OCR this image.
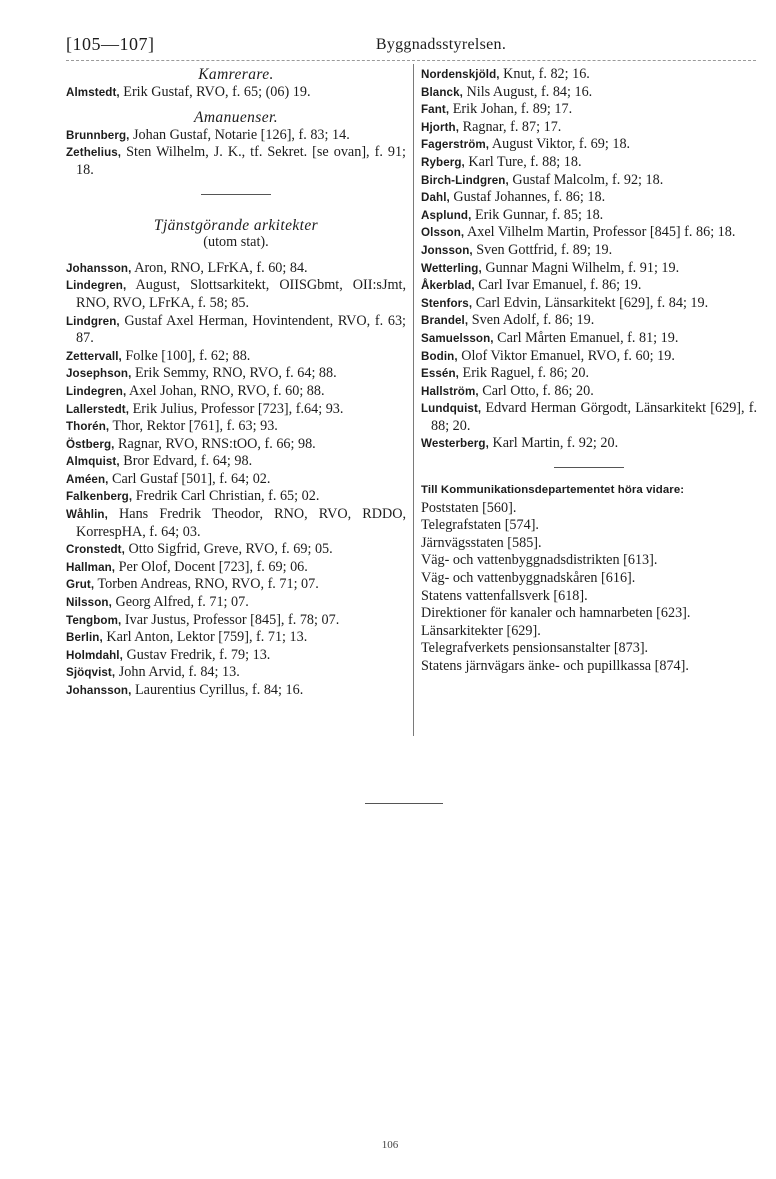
[105—107]	Byggnadsstyrelsen.
Kamrerare.
Almstedt, Erik Gustaf, RVO, f. 65; (06) 19.
Amanuenser.
Brunnberg, Johan Gustaf, Notarie [126], f. 83; 14.
Zethelius, Sten Wilhelm, J. K., tf. Sekret. [se ovan], f. 91; 18.
Tjänstgörande arkitekter
(utom stat).
Johansson, Aron, RNO, LFrKA, f. 60; 84.
Lindegren, August, Slottsarkitekt, OIISGbmt, OII:sJmt, RNO, RVO, LFrKA, f. 58; 85.
Lindgren, Gustaf Axel Herman, Hovintendent, RVO, f. 63; 87.
Zettervall, Folke [100], f. 62; 88.
Josephson, Erik Semmy, RNO, RVO, f. 64; 88.
Lindegren, Axel Johan, RNO, RVO, f. 60; 88.
Lallerstedt, Erik Julius, Professor [723], f.64; 93.
Thorén, Thor, Rektor [761], f. 63; 93.
Östberg, Ragnar, RVO, RNS:tOO, f. 66; 98.
Almquist, Bror Edvard, f. 64; 98.
Améen, Carl Gustaf [501], f. 64; 02.
Falkenberg, Fredrik Carl Christian, f. 65; 02.
Wåhlin, Hans Fredrik Theodor, RNO, RVO, RDDO, KorrespHA, f. 64; 03.
Cronstedt, Otto Sigfrid, Greve, RVO, f. 69; 05.
Hallman, Per Olof, Docent [723], f. 69; 06.
Grut, Torben Andreas, RNO, RVO, f. 71; 07.
Nilsson, Georg Alfred, f. 71; 07.
Tengbom, Ivar Justus, Professor [845], f. 78; 07.
Berlin, Karl Anton, Lektor [759], f. 71; 13.
Holmdahl, Gustav Fredrik, f. 79; 13.
Sjöqvist, John Arvid, f. 84; 13.
Johansson, Laurentius Cyrillus, f. 84; 16.
Nordenskjöld, Knut, f. 82; 16.
Blanck, Nils August, f. 84; 16.
Fant, Erik Johan, f. 89; 17.
Hjorth, Ragnar, f. 87; 17.
Fagerström, August Viktor, f. 69; 18.
Ryberg, Karl Ture, f. 88; 18.
Birch-Lindgren, Gustaf Malcolm, f. 92; 18.
Dahl, Gustaf Johannes, f. 86; 18.
Asplund, Erik Gunnar, f. 85; 18.
Olsson, Axel Vilhelm Martin, Professor [845] f. 86; 18.
Jonsson, Sven Gottfrid, f. 89; 19.
Wetterling, Gunnar Magni Wilhelm, f. 91; 19.
Åkerblad, Carl Ivar Emanuel, f. 86; 19.
Stenfors, Carl Edvin, Länsarkitekt [629], f. 84; 19.
Brandel, Sven Adolf, f. 86; 19.
Samuelsson, Carl Mårten Emanuel, f. 81; 19.
Bodin, Olof Viktor Emanuel, RVO, f. 60; 19.
Essén, Erik Raguel, f. 86; 20.
Hallström, Carl Otto, f. 86; 20.
Lundquist, Edvard Herman Görgodt, Länsarkitekt [629], f. 88; 20.
Westerberg, Karl Martin, f. 92; 20.
Till Kommunikationsdepartementet höra vidare:
Poststaten [560].
Telegrafstaten [574].
Järnvägsstaten [585].
Väg- och vattenbyggnadsdistrikten [613].
Väg- och vattenbyggnadskåren [616].
Statens vattenfallsverk [618].
Direktioner för kanaler och hamnarbeten [623].
Länsarkitekter [629].
Telegrafverkets pensionsanstalter [873].
Statens järnvägars änke- och pupillkassa [874].
106
